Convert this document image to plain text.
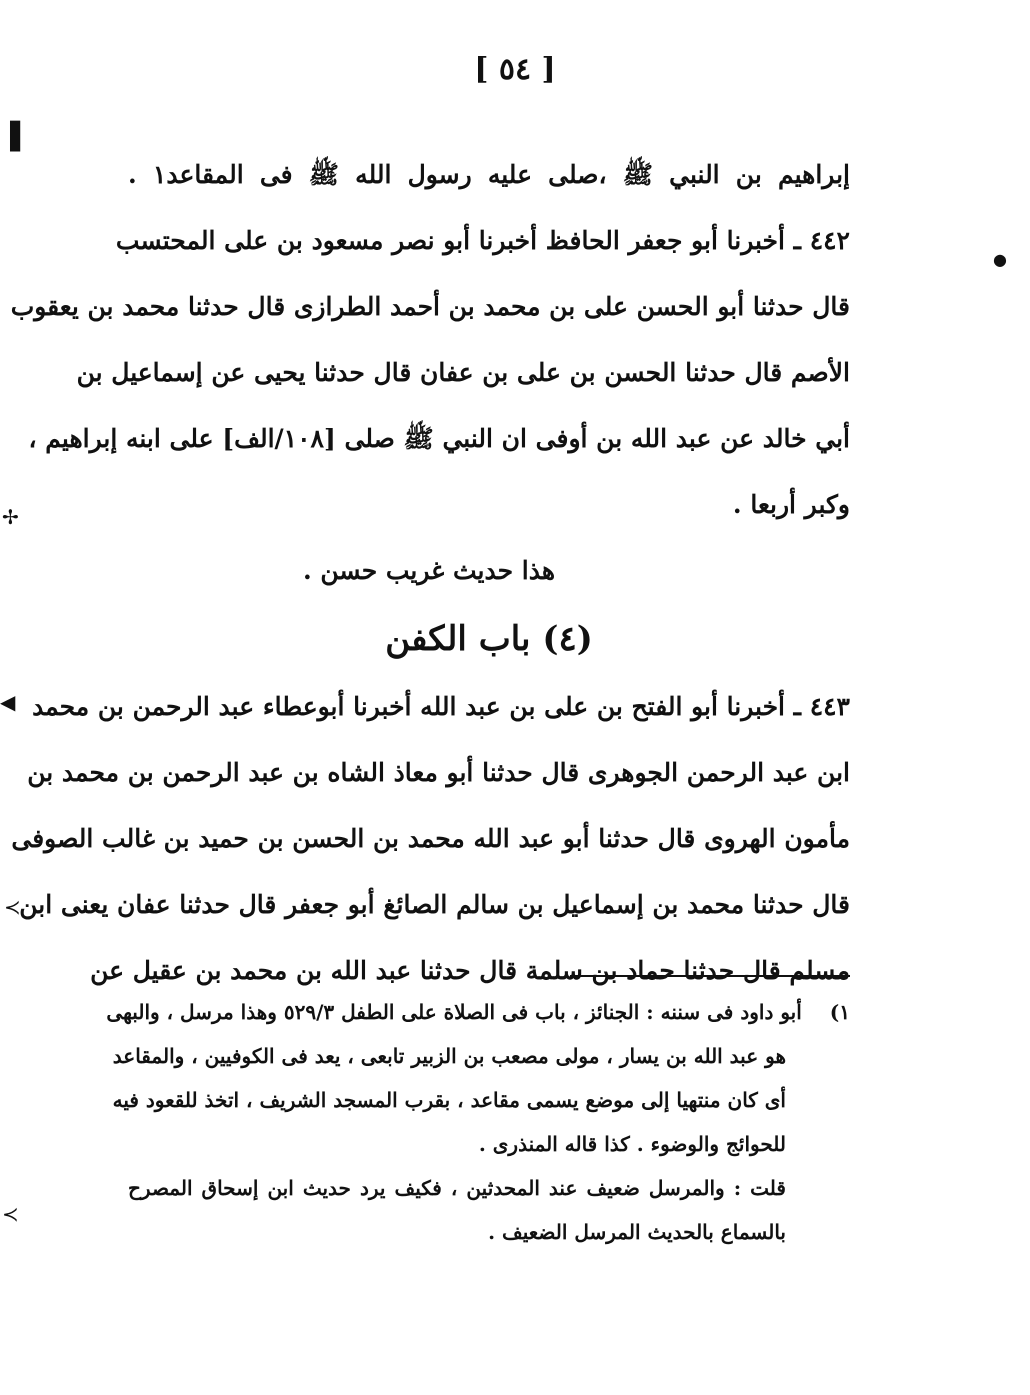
[ ٥٤ ]
إبراهيم بن النبي ﷺ ،صلى عليه رسول الله ﷺ فى المقاعد١ .
٤٤٢ ـ أخبرنا أبو جعفر الحافظ أخبرنا أبو نصر مسعود بن على المحتسب
قال حدثنا أبو الحسن على بن محمد بن أحمد الطرازى قال حدثنا محمد بن يعقوب
الأصم قال حدثنا الحسن بن على بن عفان قال حدثنا يحيى عن إسماعيل بن
أبي خالد عن عبد الله بن أوفى ان النبي ﷺ صلى [١٠٨/الف] على ابنه إبراهيم ،
وكبر أربعا .
هذا حديث غريب حسن .
(٤) باب الكفن
٤٤٣ ـ أخبرنا أبو الفتح بن على بن عبد الله أخبرنا أبوعطاء عبد الرحمن بن محمد
ابن عبد الرحمن الجوهرى قال حدثنا أبو معاذ الشاه بن عبد الرحمن بن محمد بن
مأمون الهروى قال حدثنا أبو عبد الله محمد بن الحسن بن حميد بن غالب الصوفى
قال حدثنا محمد بن إسماعيل بن سالم الصائغ أبو جعفر قال حدثنا عفان يعنى ابن
مسلم قال حدثنا حماد بن سلمة قال حدثنا عبد الله بن محمد بن عقيل عن
١)أبو داود فى سننه : الجنائز ، باب فى الصلاة على الطفل ٥٢٩/٣ وهذا مرسل ، والبهى
هو عبد الله بن يسار ، مولى مصعب بن الزبير تابعى ، يعد فى الكوفيين ، والمقاعد
أى كان منتهيا إلى موضع يسمى مقاعد ، بقرب المسجد الشريف ، اتخذ للقعود فيه
للحوائج والوضوء . كذا قاله المنذرى .
قلت : والمرسل ضعيف عند المحدثين ، فكيف يرد حديث ابن إسحاق المصرح
بالسماع بالحديث المرسل الضعيف .
▐
◀
✢
≺
≺
●
